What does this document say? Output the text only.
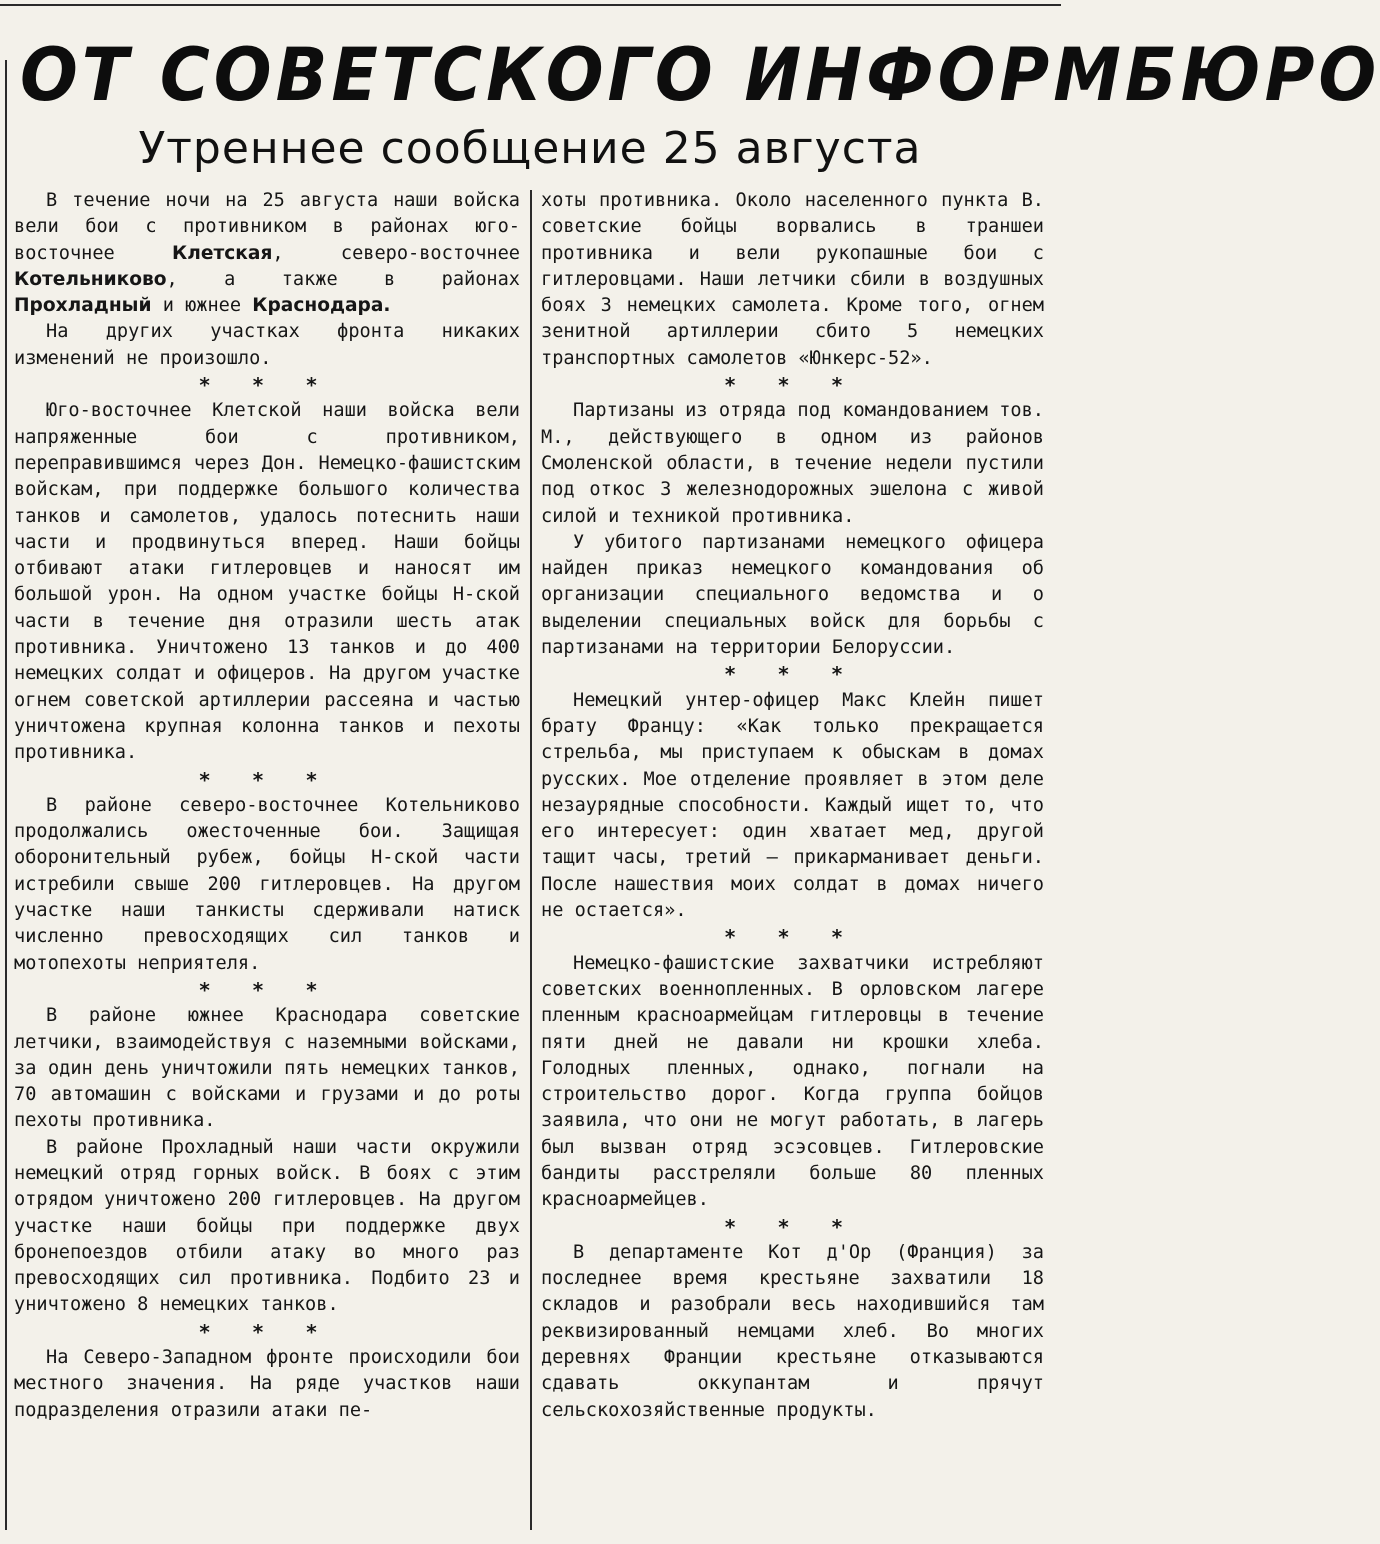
ОТ СОВЕТСКОГО ИНФОРМБЮРО
Утреннее сообщение 25 августа

В течение ночи на 25 августа наши войска вели бои с противником в районах юго-восточнее Клетская, северо-восточнее Котельниково, а также в районах Прохладный и южнее Краснодара.

На других участках фронта никаких изменений не произошло.

* * *

Юго-восточнее Клетской наши войска вели напряженные бои с противником, переправившимся через Дон. Немецко-фашистским войскам, при поддержке большого количества танков и самолетов, удалось потеснить наши части и продвинуться вперед. Наши бойцы отбивают атаки гитлеровцев и наносят им большой урон. На одном участке бойцы Н-ской части в течение дня отразили шесть атак противника. Уничтожено 13 танков и до 400 немецких солдат и офицеров. На другом участке огнем советской артиллерии рассеяна и частью уничтожена крупная колонна танков и пехоты противника.

* * *

В районе северо-восточнее Котельниково продолжались ожесточенные бои. Защищая оборонительный рубеж, бойцы Н-ской части истребили свыше 200 гитлеровцев. На другом участке наши танкисты сдерживали натиск численно превосходящих сил танков и мотопехоты неприятеля.

* * *

В районе южнее Краснодара советские летчики, взаимодействуя с наземными войсками, за один день уничтожили пять немецких танков, 70 автомашин с войсками и грузами и до роты пехоты противника.

В районе Прохладный наши части окружили немецкий отряд горных войск. В боях с этим отрядом уничтожено 200 гитлеровцев. На другом участке наши бойцы при поддержке двух бронепоездов отбили атаку во много раз превосходящих сил противника. Подбито 23 и уничтожено 8 немецких танков.

* * *

На Северо-Западном фронте происходили бои местного значения. На ряде участков наши подразделения отразили атаки пе-

хоты противника. Около населенного пункта В. советские бойцы ворвались в траншеи противника и вели рукопашные бои с гитлеровцами. Наши летчики сбили в воздушных боях 3 немецких самолета. Кроме того, огнем зенитной артиллерии сбито 5 немецких транспортных самолетов «Юнкерс-52».

* * *

Партизаны из отряда под командованием тов. М., действующего в одном из районов Смоленской области, в течение недели пустили под откос 3 железнодорожных эшелона с живой силой и техникой противника.

У убитого партизанами немецкого офицера найден приказ немецкого командования об организации специального ведомства и о выделении специальных войск для борьбы с партизанами на территории Белоруссии.

* * *

Немецкий унтер-офицер Макс Клейн пишет брату Францу: «Как только прекращается стрельба, мы приступаем к обыскам в домах русских. Мое отделение проявляет в этом деле незаурядные способности. Каждый ищет то, что его интересует: один хватает мед, другой тащит часы, третий — прикарманивает деньги. После нашествия моих солдат в домах ничего не остается».

* * *

Немецко-фашистские захватчики истребляют советских военнопленных. В орловском лагере пленным красноармейцам гитлеровцы в течение пяти дней не давали ни крошки хлеба. Голодных пленных, однако, погнали на строительство дорог. Когда группа бойцов заявила, что они не могут работать, в лагерь был вызван отряд эсэсовцев. Гитлеровские бандиты расстреляли больше 80 пленных красноармейцев.

* * *

В департаменте Кот д'Ор (Франция) за последнее время крестьяне захватили 18 складов и разобрали весь находившийся там реквизированный немцами хлеб. Во многих деревнях Франции крестьяне отказываются сдавать оккупантам и прячут сельскохозяйственные продукты.
